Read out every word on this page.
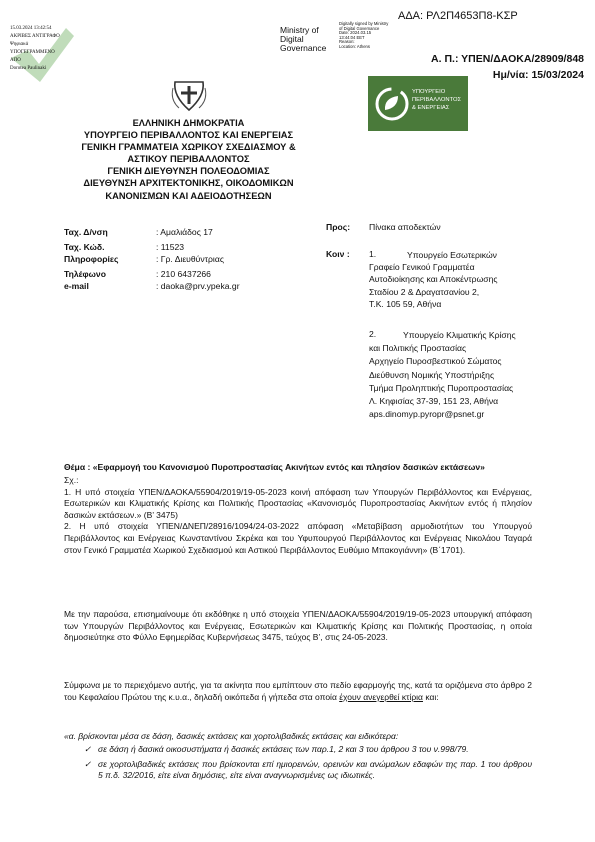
15.03.2024 13:42:54
ΑΚΡΙΒΕΣ ΑΝΤΙΓΡΑΦΟ
Ψηφιακά
ΥΠΟΓΕΓΡΑΜΜΕΝΟ
ΑΠΟ
Dorotea Paulinaki
Ministry of
Digital
Governance
Digitally signed by Ministry
of Digital Governance
Date: 2024.03.15
13:44:04 EET
Reason:
Location: Athens
ΑΔΑ: ΡΛ2Π4653Π8-ΚΣΡ
Α. Π.: ΥΠΕΝ/ΔΑΟΚΑ/28909/848
Ημ/νία: 15/03/2024
ΥΠΟΥΡΓΕΙΟ
ΠΕΡΙΒΑΛΛΟΝΤΟΣ
& ΕΝΕΡΓΕΙΑΣ
ΕΛΛΗΝΙΚΗ ΔΗΜΟΚΡΑΤΙΑ
ΥΠΟΥΡΓΕΙΟ ΠΕΡΙΒΑΛΛΟΝΤΟΣ ΚΑΙ ΕΝΕΡΓΕΙΑΣ
ΓΕΝΙΚΗ ΓΡΑΜΜΑΤΕΙΑ ΧΩΡΙΚΟΥ ΣΧΕΔΙΑΣΜΟΥ &
ΑΣΤΙΚΟΥ ΠΕΡΙΒΑΛΛΟΝΤΟΣ
ΓΕΝΙΚΗ ΔΙΕΥΘΥΝΣΗ ΠΟΛΕΟΔΟΜΙΑΣ
ΔΙΕΥΘΥΝΣΗ ΑΡΧΙΤΕΚΤΟΝΙΚΗΣ, ΟΙΚΟΔΟΜΙΚΩΝ
ΚΑΝΟΝΙΣΜΩΝ ΚΑΙ ΑΔΕΙΟΔΟΤΗΣΕΩΝ
Ταχ. Δ/νση	: Αμαλιάδος 17
Ταχ. Κώδ.	: 11523
Πληροφορίες	: Γρ. Διευθύντριας
Τηλέφωνο	: 210 6437266
e-mail	: daoka@prv.ypeka.gr
Προς: Πίνακα αποδεκτών
Κοιν : 1.	Υπουργείο Εσωτερικών
Γραφείο Γενικού Γραμματέα
Αυτοδιοίκησης και Αποκέντρωσης
Σταδίου 2 & Δραγατσανίου 2,
Τ.Κ. 105 59, Αθήνα
2.	Υπουργείο Κλιματικής Κρίσης
και Πολιτικής Προστασίας
Αρχηγείο Πυροσβεστικού Σώματος
Διεύθυνση Νομικής Υποστήριξης
Τμήμα Προληπτικής Πυροπροστασίας
Λ. Κηφισίας 37-39, 151 23, Αθήνα
aps.dinomyp.pyropr@psnet.gr
Θέμα : «Εφαρμογή του Κανονισμού Πυροπροστασίας Ακινήτων εντός και πλησίον δασικών εκτάσεων»
Σχ.:
1. Η υπό στοιχεία ΥΠΕΝ/ΔΑΟΚΑ/55904/2019/19-05-2023 κοινή απόφαση των Υπουργών Περιβάλλοντος και Ενέργειας, Εσωτερικών και Κλιματικής Κρίσης και Πολιτικής Προστασίας «Κανονισμός Πυροπροστασίας Ακινήτων εντός ή πλησίον δασικών εκτάσεων.» (Β’ 3475)
2. Η υπό στοιχεία ΥΠΕΝ/ΔΝΕΠ/28916/1094/24-03-2022 απόφαση «Μεταβίβαση αρμοδιοτήτων του Υπουργού Περιβάλλοντος και Ενέργειας Κωνσταντίνου Σκρέκα και του Υφυπουργού Περιβάλλοντος και Ενέργειας Νικολάου Ταγαρά στον Γενικό Γραμματέα Χωρικού Σχεδιασμού και Αστικού Περιβάλλοντος Ευθύμιο Μπακογιάννη» (Β΄1701).
Με την παρούσα, επισημαίνουμε ότι εκδόθηκε η υπό στοιχεία ΥΠΕΝ/ΔΑΟΚΑ/55904/2019/19-05-2023 υπουργική απόφαση των Υπουργών Περιβάλλοντος και Ενέργειας, Εσωτερικών και Κλιματικής Κρίσης και Πολιτικής Προστασίας, η οποία δημοσιεύτηκε στο Φύλλο Εφημερίδας Κυβερνήσεως 3475, τεύχος Β’, στις 24-05-2023.
Σύμφωνα με το περιεχόμενο αυτής, για τα ακίνητα που εμπίπτουν στο πεδίο εφαρμογής της, κατά τα οριζόμενα στο άρθρο 2 του Κεφαλαίου Πρώτου της κ.υ.α., δηλαδή οικόπεδα ή γήπεδα στα οποία έχουν ανεγερθεί κτίρια και:
«α. βρίσκονται μέσα σε δάση, δασικές εκτάσεις και χορτολιβαδικές εκτάσεις και ειδικότερα:
✓ σε δάση ή δασικά οικοσυστήματα ή δασικές εκτάσεις των παρ.1, 2 και 3 του άρθρου 3 του ν.998/79.
✓ σε χορτολιβαδικές εκτάσεις που βρίσκονται επί ημιορεινών, ορεινών και ανώμαλων εδαφών της παρ. 1 του άρθρου 5 π.δ. 32/2016, είτε είναι δημόσιες, είτε είναι αναγνωρισμένες ως ιδιωτικές.
